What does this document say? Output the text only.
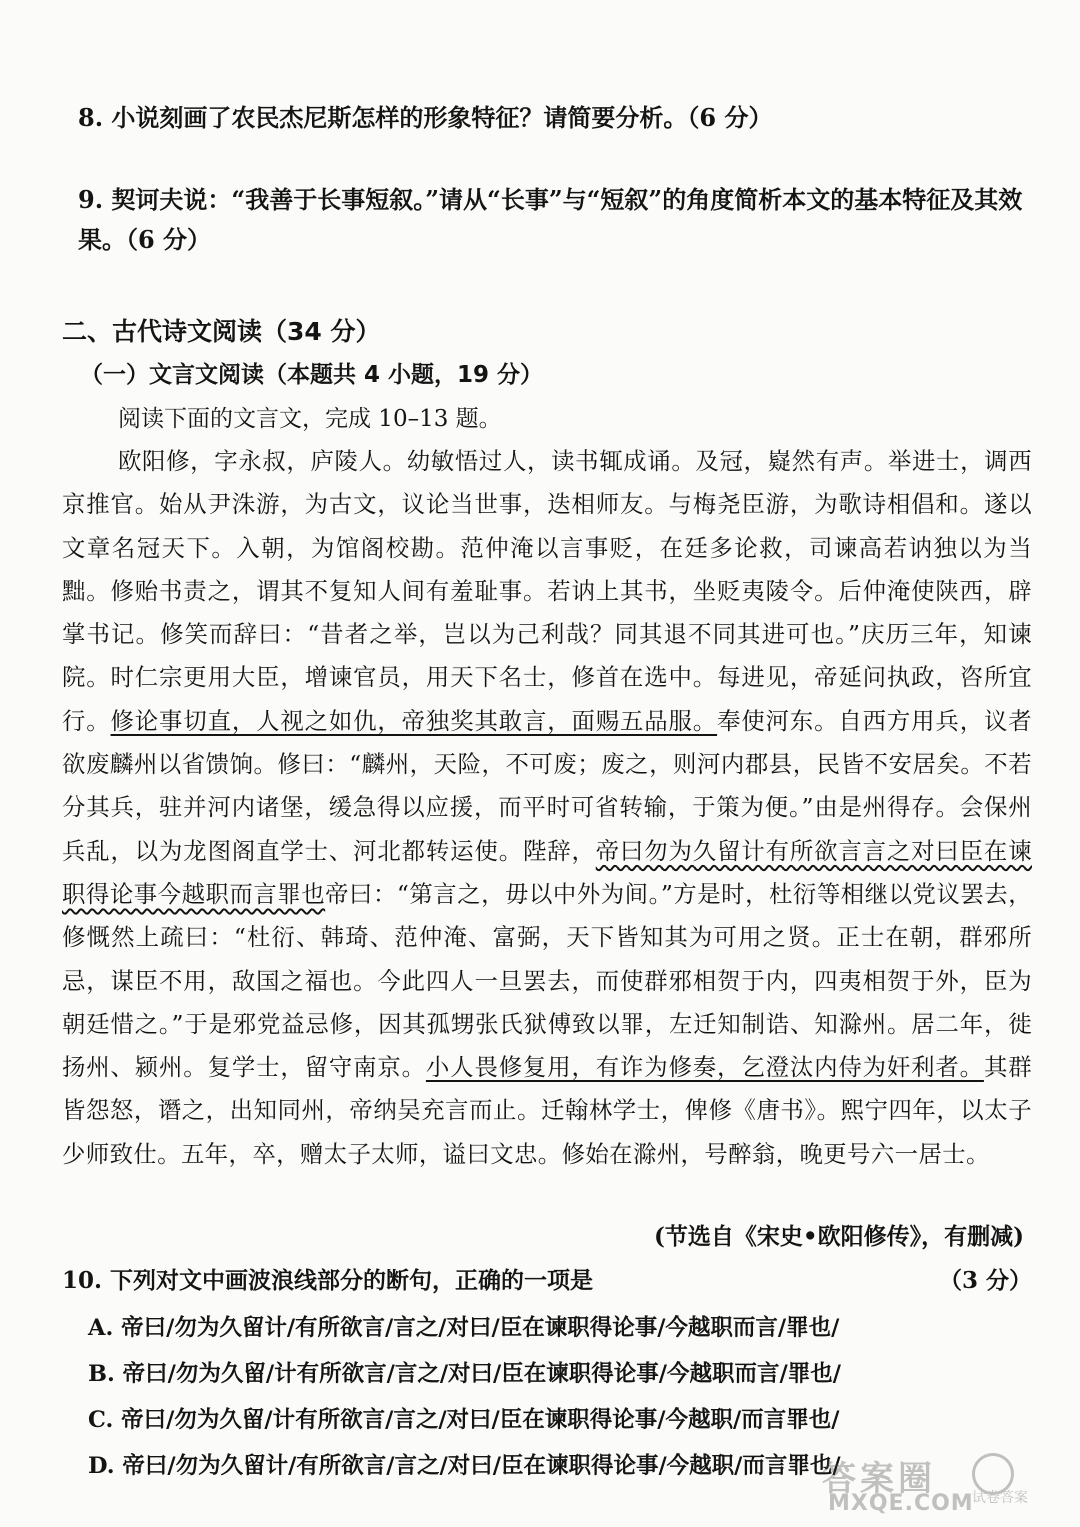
8. 小说刻画了农民杰尼斯怎样的形象特征？请简要分析。（6 分）
9. 契诃夫说：“我善于长事短叙。”请从“长事”与“短叙”的角度简析本文的基本特征及其效果。（6 分）
二、古代诗文阅读（34 分）
（一）文言文阅读（本题共 4 小题，19 分）
阅读下面的文言文，完成 10–13 题。
欧阳修，字永叔，庐陵人。幼敏悟过人，读书辄成诵。及冠，嶷然有声。举进士，调西京推官。始从尹洙游，为古文，议论当世事，迭相师友。与梅尧臣游，为歌诗相倡和。遂以文章名冠天下。入朝，为馆阁校勘。范仲淹以言事贬，在廷多论救，司谏高若讷独以为当黜。修贻书责之，谓其不复知人间有羞耻事。若讷上其书，坐贬夷陵令。后仲淹使陕西，辟掌书记。修笑而辞曰：“昔者之举，岂以为己利哉？同其退不同其进可也。”庆历三年，知谏院。时仁宗更用大臣，增谏官员，用天下名士，修首在选中。每进见，帝延问执政，咨所宜行。修论事切直，人视之如仇，帝独奖其敢言，面赐五品服。奉使河东。自西方用兵，议者欲废麟州以省馈饷。修曰：“麟州，天险，不可废；废之，则河内郡县，民皆不安居矣。不若分其兵，驻并河内诸堡，缓急得以应援，而平时可省转输，于策为便。”由是州得存。会保州兵乱，以为龙图阁直学士、河北都转运使。陛辞，帝曰勿为久留计有所欲言言之对曰臣在谏职得论事今越职而言罪也帝曰：“第言之，毋以中外为间。”方是时，杜衍等相继以党议罢去，修慨然上疏曰：“杜衍、韩琦、范仲淹、富弼，天下皆知其为可用之贤。正士在朝，群邪所忌，谋臣不用，敌国之福也。今此四人一旦罢去，而使群邪相贺于内，四夷相贺于外，臣为朝廷惜之。”于是邪党益忌修，因其孤甥张氏狱傅致以罪，左迁知制诰、知滁州。居二年，徙扬州、颍州。复学士，留守南京。小人畏修复用，有诈为修奏，乞澄汰内侍为奸利者。其群皆怨怒，谮之，出知同州，帝纳吴充言而止。迁翰林学士，俾修《唐书》。熙宁四年，以太子少师致仕。五年，卒，赠太子太师，谥曰文忠。修始在滁州，号醉翁，晚更号六一居士。
(节选自《宋史•欧阳修传》，有删减)
10. 下列对文中画波浪线部分的断句，正确的一项是	（3 分）
A. 帝曰/勿为久留计/有所欲言/言之/对曰/臣在谏职得论事/今越职而言/罪也/
B. 帝曰/勿为久留/计有所欲言/言之/对曰/臣在谏职得论事/今越职而言/罪也/
C. 帝曰/勿为久留/计有所欲言/言之/对曰/臣在谏职得论事/今越职/而言罪也/
D. 帝曰/勿为久留计/有所欲言/言之/对曰/臣在谏职得论事/今越职/而言罪也/
答案圈	试卷答案
MXQE.COM
